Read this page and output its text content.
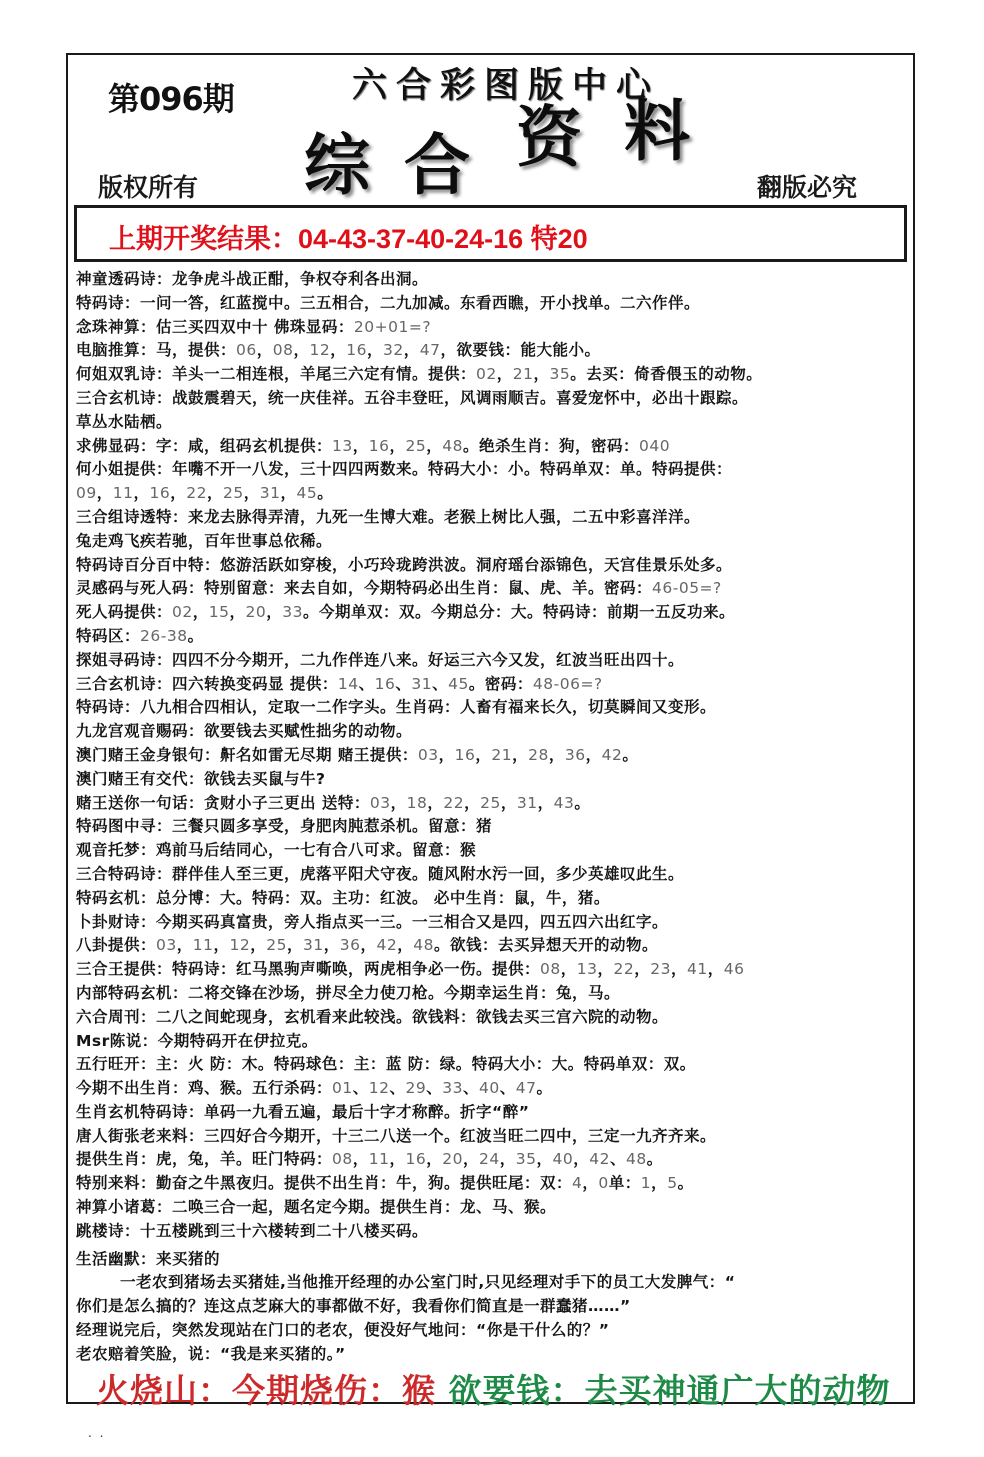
第096期	六合彩图版中心
综 合 资 料
版权所有	翻版必究
上期开奖结果：04-43-37-40-24-16 特20
神童透码诗：龙争虎斗战正酣，争权夺利各出洞。
特码诗：一问一答，红蓝搅中。三五相合，二九加减。东看西瞧，开小找单。二六作伴。
念珠神算：估三买四双中十 佛珠显码：20+01=?
电脑推算：马，提供：06，08，12，16，32，47，欲要钱：能大能小。
何姐双乳诗：羊头一二相连根，羊尾三六定有情。提供：02，21，35。去买：倚香偎玉的动物。
三合玄机诗：战鼓震碧天，统一庆佳祥。五谷丰登旺，风调雨顺吉。喜爱宠怀中，必出十跟踪。
草丛水陆栖。
求佛显码：字：咸，组码玄机提供：13，16，25，48。绝杀生肖：狗，密码：040
何小姐提供：年嘴不开一八发，三十四四两数来。特码大小：小。特码单双：单。特码提供：
09，11，16，22，25，31，45。
三合组诗透特：来龙去脉得弄清，九死一生博大难。老猴上树比人强，二五中彩喜洋洋。
兔走鸡飞疾若驰，百年世事总依稀。
特码诗百分百中特：悠游活跃如穿梭，小巧玲珑跨洪波。洞府瑶台添锦色，天宫佳景乐处多。
灵感码与死人码：特别留意：来去自如，今期特码必出生肖：鼠、虎、羊。密码：46-05=?
死人码提供：02，15，20，33。今期单双：双。今期总分：大。特码诗：前期一五反功来。
特码区：26-38。
探姐寻码诗：四四不分今期开，二九作伴连八来。好运三六今又发，红波当旺出四十。
三合玄机诗：四六转换变码显 提供：14、16、31、45。密码：48-06=?
特码诗：八九相合四相认，定取一二作字头。生肖码：人畜有福来长久，切莫瞬间又变形。
九龙宫观音赐码：欲要钱去买赋性拙劣的动物。
澳门赌王金身银句：鼾名如雷无尽期 赌王提供：03，16，21，28，36，42。
澳门赌王有交代：欲钱去买鼠与牛?
赌王送你一句话：贪财小子三更出 送特：03，18，22，25，31，43。
特码图中寻：三餐只圆多享受，身肥肉肫惹杀机。留意：猪
观音托梦：鸡前马后结同心，一七有合八可求。留意：猴
三合特码诗：群伴佳人至三更，虎落平阳犬守夜。随风附水污一回，多少英雄叹此生。
特码玄机：总分博：大。特码：双。主功：红波。 必中生肖：鼠，牛，猪。
卜卦财诗：今期买码真富贵，旁人指点买一三。一三相合又是四，四五四六出红字。
八卦提供：03，11，12，25，31，36，42，48。欲钱：去买异想天开的动物。
三合王提供：特码诗：红马黑驹声嘶唤，两虎相争必一伤。提供：08，13，22，23，41，46
内部特码玄机：二将交锋在沙场，拼尽全力使刀枪。今期幸运生肖：兔，马。
六合周刊：二八之间蛇现身，玄机看来此较浅。欲钱料：欲钱去买三宫六院的动物。
Msr陈说：今期特码开在伊拉克。
五行旺开：主：火 防：木。特码球色：主：蓝 防：绿。特码大小：大。特码单双：双。
今期不出生肖：鸡、猴。五行杀码：01、12、29、33、40、47。
生肖玄机特码诗：单码一九看五遍，最后十字才称醉。折字“醉”
唐人街张老来料：三四好合今期开，十三二八送一个。红波当旺二四中，三定一九齐齐来。
提供生肖：虎，兔，羊。旺门特码：08，11，16，20，24，35，40，42、48。
特别来料：勤奋之牛黑夜归。提供不出生肖：牛，狗。提供旺尾：双：4，0单：1，5。
神算小诸葛：二唤三合一起，题名定今期。提供生肖：龙、马、猴。
跳楼诗：十五楼跳到三十六楼转到二十八楼买码。
生活幽默：来买猪的
一老农到猪场去买猪娃,当他推开经理的办公室门时,只见经理对手下的员工大发脾气：“
你们是怎么搞的？连这点芝麻大的事都做不好，我看你们简直是一群蠢猪……”
经理说完后，突然发现站在门口的老农，便没好气地问：“你是干什么的？”
老农赔着笑脸，说：“我是来买猪的。”
火烧山：今期烧伤：猴 欲要钱：去买神通广大的动物
. .
